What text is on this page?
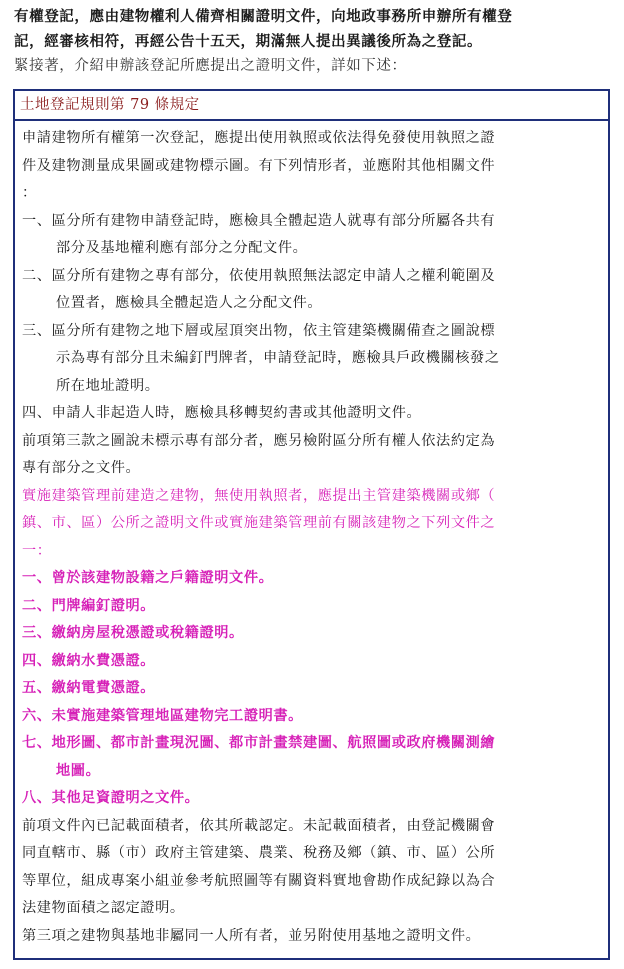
有權登記，應由建物權利人備齊相關證明文件，向地政事務所申辦所有權登

記，經審核相符，再經公告十五天，期滿無人提出異議後所為之登記。

緊接著，介紹申辦該登記所應提出之證明文件，詳如下述：

土地登記規則第 79 條規定

申請建物所有權第一次登記，應提出使用執照或依法得免發使用執照之證

件及建物測量成果圖或建物標示圖。有下列情形者，並應附其他相關文件

：

一、區分所有建物申請登記時，應檢具全體起造人就專有部分所屬各共有

部分及基地權利應有部分之分配文件。

二、區分所有建物之專有部分，依使用執照無法認定申請人之權利範圍及

位置者，應檢具全體起造人之分配文件。

三、區分所有建物之地下層或屋頂突出物，依主管建築機關備查之圖說標

示為專有部分且未編釘門牌者，申請登記時，應檢具戶政機關核發之

所在地址證明。

四、申請人非起造人時，應檢具移轉契約書或其他證明文件。

前項第三款之圖說未標示專有部分者，應另檢附區分所有權人依法約定為

專有部分之文件。

實施建築管理前建造之建物，無使用執照者，應提出主管建築機關或鄉（

鎮、市、區）公所之證明文件或實施建築管理前有關該建物之下列文件之

一：

一、曾於該建物設籍之戶籍證明文件。

二、門牌編釘證明。

三、繳納房屋稅憑證或稅籍證明。

四、繳納水費憑證。

五、繳納電費憑證。

六、未實施建築管理地區建物完工證明書。

七、地形圖、都市計畫現況圖、都市計畫禁建圖、航照圖或政府機關測繪

地圖。

八、其他足資證明之文件。

前項文件內已記載面積者，依其所載認定。未記載面積者，由登記機關會

同直轄市、縣（市）政府主管建築、農業、稅務及鄉（鎮、市、區）公所

等單位，組成專案小組並參考航照圖等有關資料實地會勘作成紀錄以為合

法建物面積之認定證明。

第三項之建物與基地非屬同一人所有者，並另附使用基地之證明文件。
